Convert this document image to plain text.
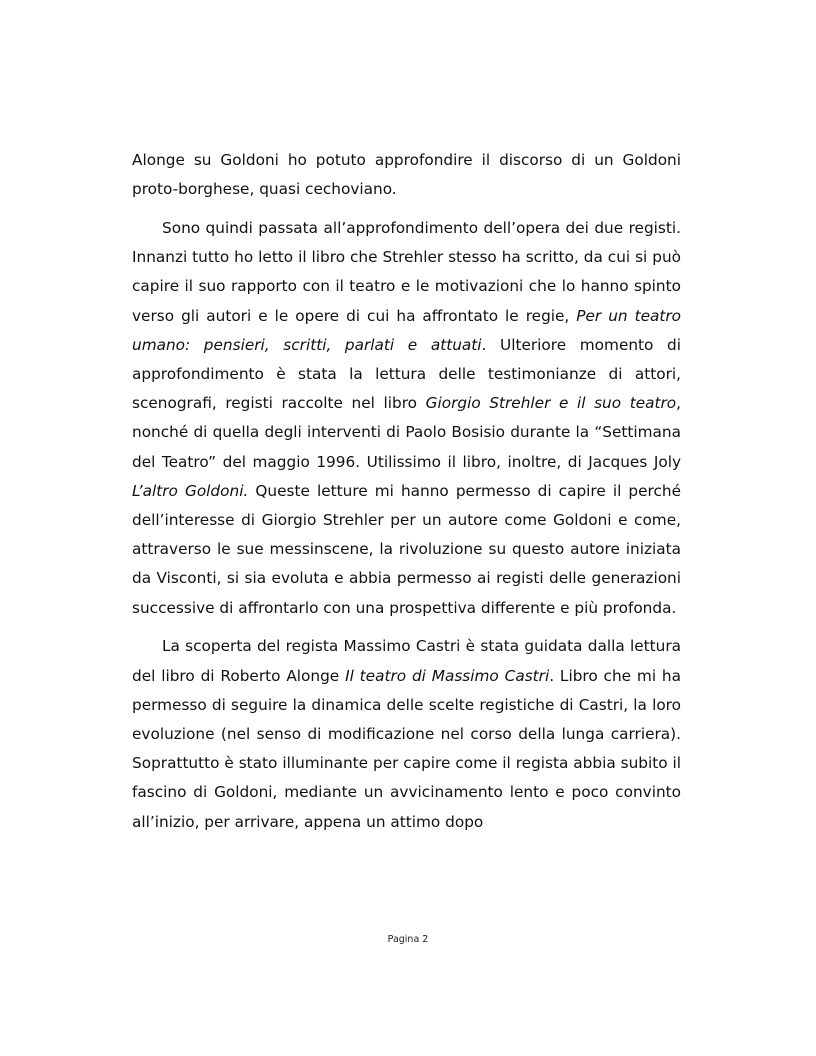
Alonge su Goldoni ho potuto approfondire il discorso di un Goldoni proto-borghese, quasi cechoviano.

Sono quindi passata all’approfondimento dell’opera dei due registi. Innanzi tutto ho letto il libro che Strehler stesso ha scritto, da cui si può capire il suo rapporto con il teatro e le motivazioni che lo hanno spinto verso gli autori e le opere di cui ha affrontato le regie, Per un teatro umano: pensieri, scritti, parlati e attuati. Ulteriore momento di approfondimento è stata la lettura delle testimonianze di attori, scenografi, registi raccolte nel libro Giorgio Strehler e il suo teatro, nonché di quella degli interventi di Paolo Bosisio durante la “Settimana del Teatro” del maggio 1996. Utilissimo il libro, inoltre, di Jacques Joly L’altro Goldoni. Queste letture mi hanno permesso di capire il perché dell’interesse di Giorgio Strehler per un autore come Goldoni e come, attraverso le sue messinscene, la rivoluzione su questo autore iniziata da Visconti, si sia evoluta e abbia permesso ai registi delle generazioni successive di affrontarlo con una prospettiva differente e più profonda.

La scoperta del regista Massimo Castri è stata guidata dalla lettura del libro di Roberto Alonge Il teatro di Massimo Castri. Libro che mi ha permesso di seguire la dinamica delle scelte registiche di Castri, la loro evoluzione (nel senso di modificazione nel corso della lunga carriera). Soprattutto è stato illuminante per capire come il regista abbia subito il fascino di Goldoni, mediante un avvicinamento lento e poco convinto all’inizio, per arrivare, appena un attimo dopo

Pagina 2
